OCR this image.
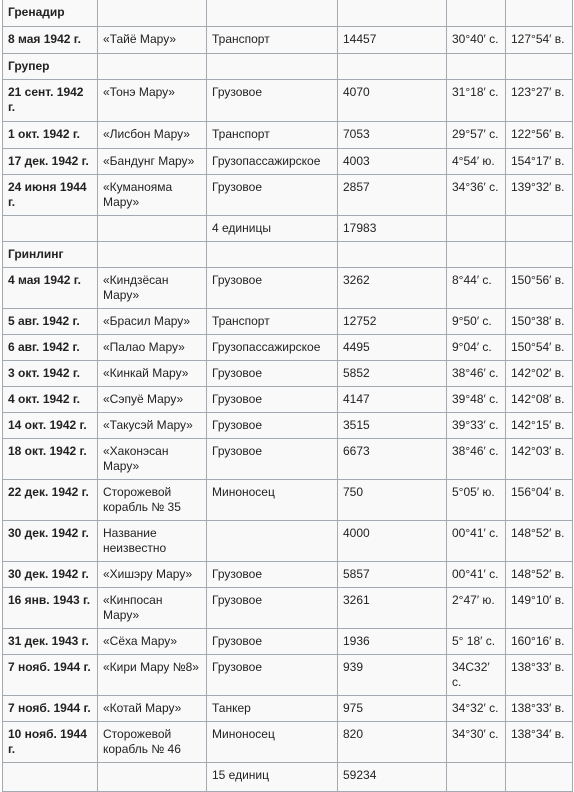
Гренадир					
8 мая 1942 г.	«Тайё Мару»	Транспорт	14457	30°40′ с.	127°54′ в.
Групер					
21 сент. 1942 г.	«Тонэ Мару»	Грузовое	4070	31°18′ с.	123°27′ в.
1 окт. 1942 г.	«Лисбон Мару»	Транспорт	7053	29°57′ с.	122°56′ в.
17 дек. 1942 г.	«Бандунг Мару»	Грузопассажирское	4003	4°54′ ю.	154°17′ в.
24 июня 1944 г.	«Куманояма Мару»	Грузовое	2857	34°36′ с.	139°32′ в.
		4 единицы	17983		
Гринлинг					
4 мая 1942 г.	«Киндзёсан Мару»	Грузовое	3262	8°44′ с.	150°56′ в.
5 авг. 1942 г.	«Брасил Мару»	Транспорт	12752	9°50′ с.	150°38′ в.
6 авг. 1942 г.	«Палао Мару»	Грузопассажирское	4495	9°04′ с.	150°54′ в.
3 окт. 1942 г.	«Кинкай Мару»	Грузовое	5852	38°46′ с.	142°02′ в.
4 окт. 1942 г.	«Сэпуё Мару»	Грузовое	4147	39°48′ с.	142°08′ в.
14 окт. 1942 г.	«Такусэй Мару»	Грузовое	3515	39°33′ с.	142°15′ в.
18 окт. 1942 г.	«Хаконэсан Мару»	Грузовое	6673	38°46′ с.	142°03′ в.
22 дек. 1942 г.	Сторожевой корабль № 35	Миноносец	750	5°05′ ю.	156°04′ в.
30 дек. 1942 г.	Название неизвестно		4000	00°41′ с.	148°52′ в.
30 дек. 1942 г.	«Хишэру Мару»	Грузовое	5857	00°41′ с.	148°52′ в.
16 янв. 1943 г.	«Кинпосан Мару»	Грузовое	3261	2°47′ ю.	149°10′ в.
31 дек. 1943 г.	«Сёха Мару»	Грузовое	1936	5° 18′ с.	160°16′ в.
7 нояб. 1944 г.	«Кири Мару №8»	Грузовое	939	34C32′ с.	138°33′ в.
7 нояб. 1944 г.	«Котай Мару»	Танкер	975	34°32′ с.	138°33′ в.
10 нояб. 1944 г.	Сторожевой корабль № 46	Миноносец	820	34°30′ с.	138°34′ в.
		15 единиц	59234		
